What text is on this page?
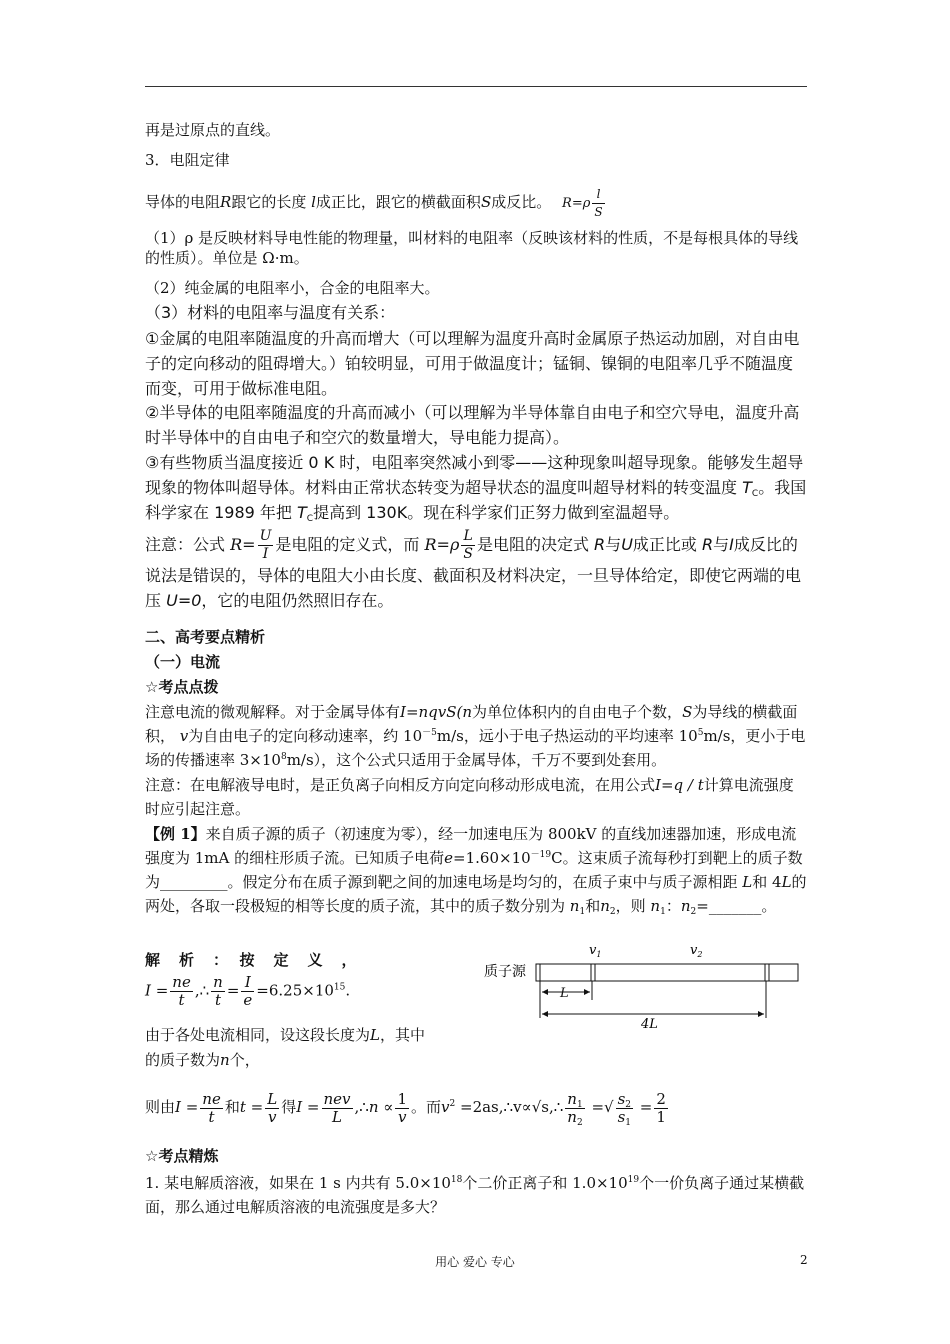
再是过原点的直线。
3．电阻定律
导体的电阻R跟它的长度 l成正比，跟它的横截面积S成反比。 $R=\rho \frac{l}{S}$
（1）ρ 是反映材料导电性能的物理量，叫材料的电阻率（反映该材料的性质，不是每根具体的导线的性质）。单位是 Ω·m。
（2）纯金属的电阻率小，合金的电阻率大。
（3）材料的电阻率与温度有关系：
①金属的电阻率随温度的升高而增大（可以理解为温度升高时金属原子热运动加剧，对自由电子的定向移动的阻碍增大。）铂较明显，可用于做温度计；锰铜、镍铜的电阻率几乎不随温度而变，可用于做标准电阻。
②半导体的电阻率随温度的升高而减小（可以理解为半导体靠自由电子和空穴导电，温度升高时半导体中的自由电子和空穴的数量增大，导电能力提高）。
③有些物质当温度接近 0 K 时，电阻率突然减小到零——这种现象叫超导现象。能够发生超导现象的物体叫超导体。材料由正常状态转变为超导状态的温度叫超导材料的转变温度 $T_C$。我国科学家在 1989 年把 $T_C$提高到 130K。现在科学家们正努力做到室温超导。
注意：公式 $R= \frac{U}{I}$ 是电阻的定义式，而 $R=\rho \frac{L}{S}$ 是电阻的决定式 R与U成正比或 R与I成反比的说法是错误的，导体的电阻大小由长度、截面积及材料决定，一旦导体给定，即使它两端的电压 U=0，它的电阻仍然照旧存在。
二、高考要点精析
（一）电流
☆考点点拨
注意电流的微观解释。对于金属导体有I=nqvS(n为单位体积内的自由电子个数，S为导线的横截面积， v为自由电子的定向移动速率，约 $10^{-5}m/s$，远小于电子热运动的平均速率 $10^5m/s$，更小于电场的传播速率 $3\times 10^8m/s$），这个公式只适用于金属导体，千万不要到处套用。
注意：在电解液导电时，是正负离子向相反方向定向移动形成电流，在用公式I=q / t计算电流强度时应引起注意。
【例 1】来自质子源的质子（初速度为零），经一加速电压为 800kV 的直线加速器加速，形成电流强度为 1mA 的细柱形质子流。已知质子电荷$e=1.60\times 10^{-19}C$。这束质子流每秒打到靶上的质子数为_________。假定分布在质子源到靶之间的加速电场是均匀的，在质子束中与质子源相距 L和 4L的两处，各取一段极短的相等长度的质子流，其中的质子数分别为 $n_1$和$n_2$，则 $n_1$：$n_2=\_\_\_\_\_\_\_$。
解　析　：　按　定　义　，
$I = \frac{ne}{t}$ ,∴ $\frac{n}{t} = \frac{I}{e} =6.25\times 10^{15}$.
由于各处电流相同，设这段长度为L，其中
的质子数为n个，
$v_1$	$v_2$
质子源
L
4L
则由$I = \frac{ne}{t}$ 和$t = \frac{L}{v}$ 得$I = \frac{\text{nev}}{L}$ ,∴n ∝ $\frac{1}{v}$ 。而$v^2$ =2as,∴v∝√s,∴ $\frac{n_1}{n_2}$ =√ $\frac{s_2}{s_1} = \frac{2}{1}$
☆考点精炼
1. 某电解质溶液，如果在 1 s 内共有 $5.0\times 10^{18}$个二价正离子和 $1.0\times 10^{19}$个一价负离子通过某横截面，那么通过电解质溶液的电流强度是多大？
用心 爱心 专心	2
